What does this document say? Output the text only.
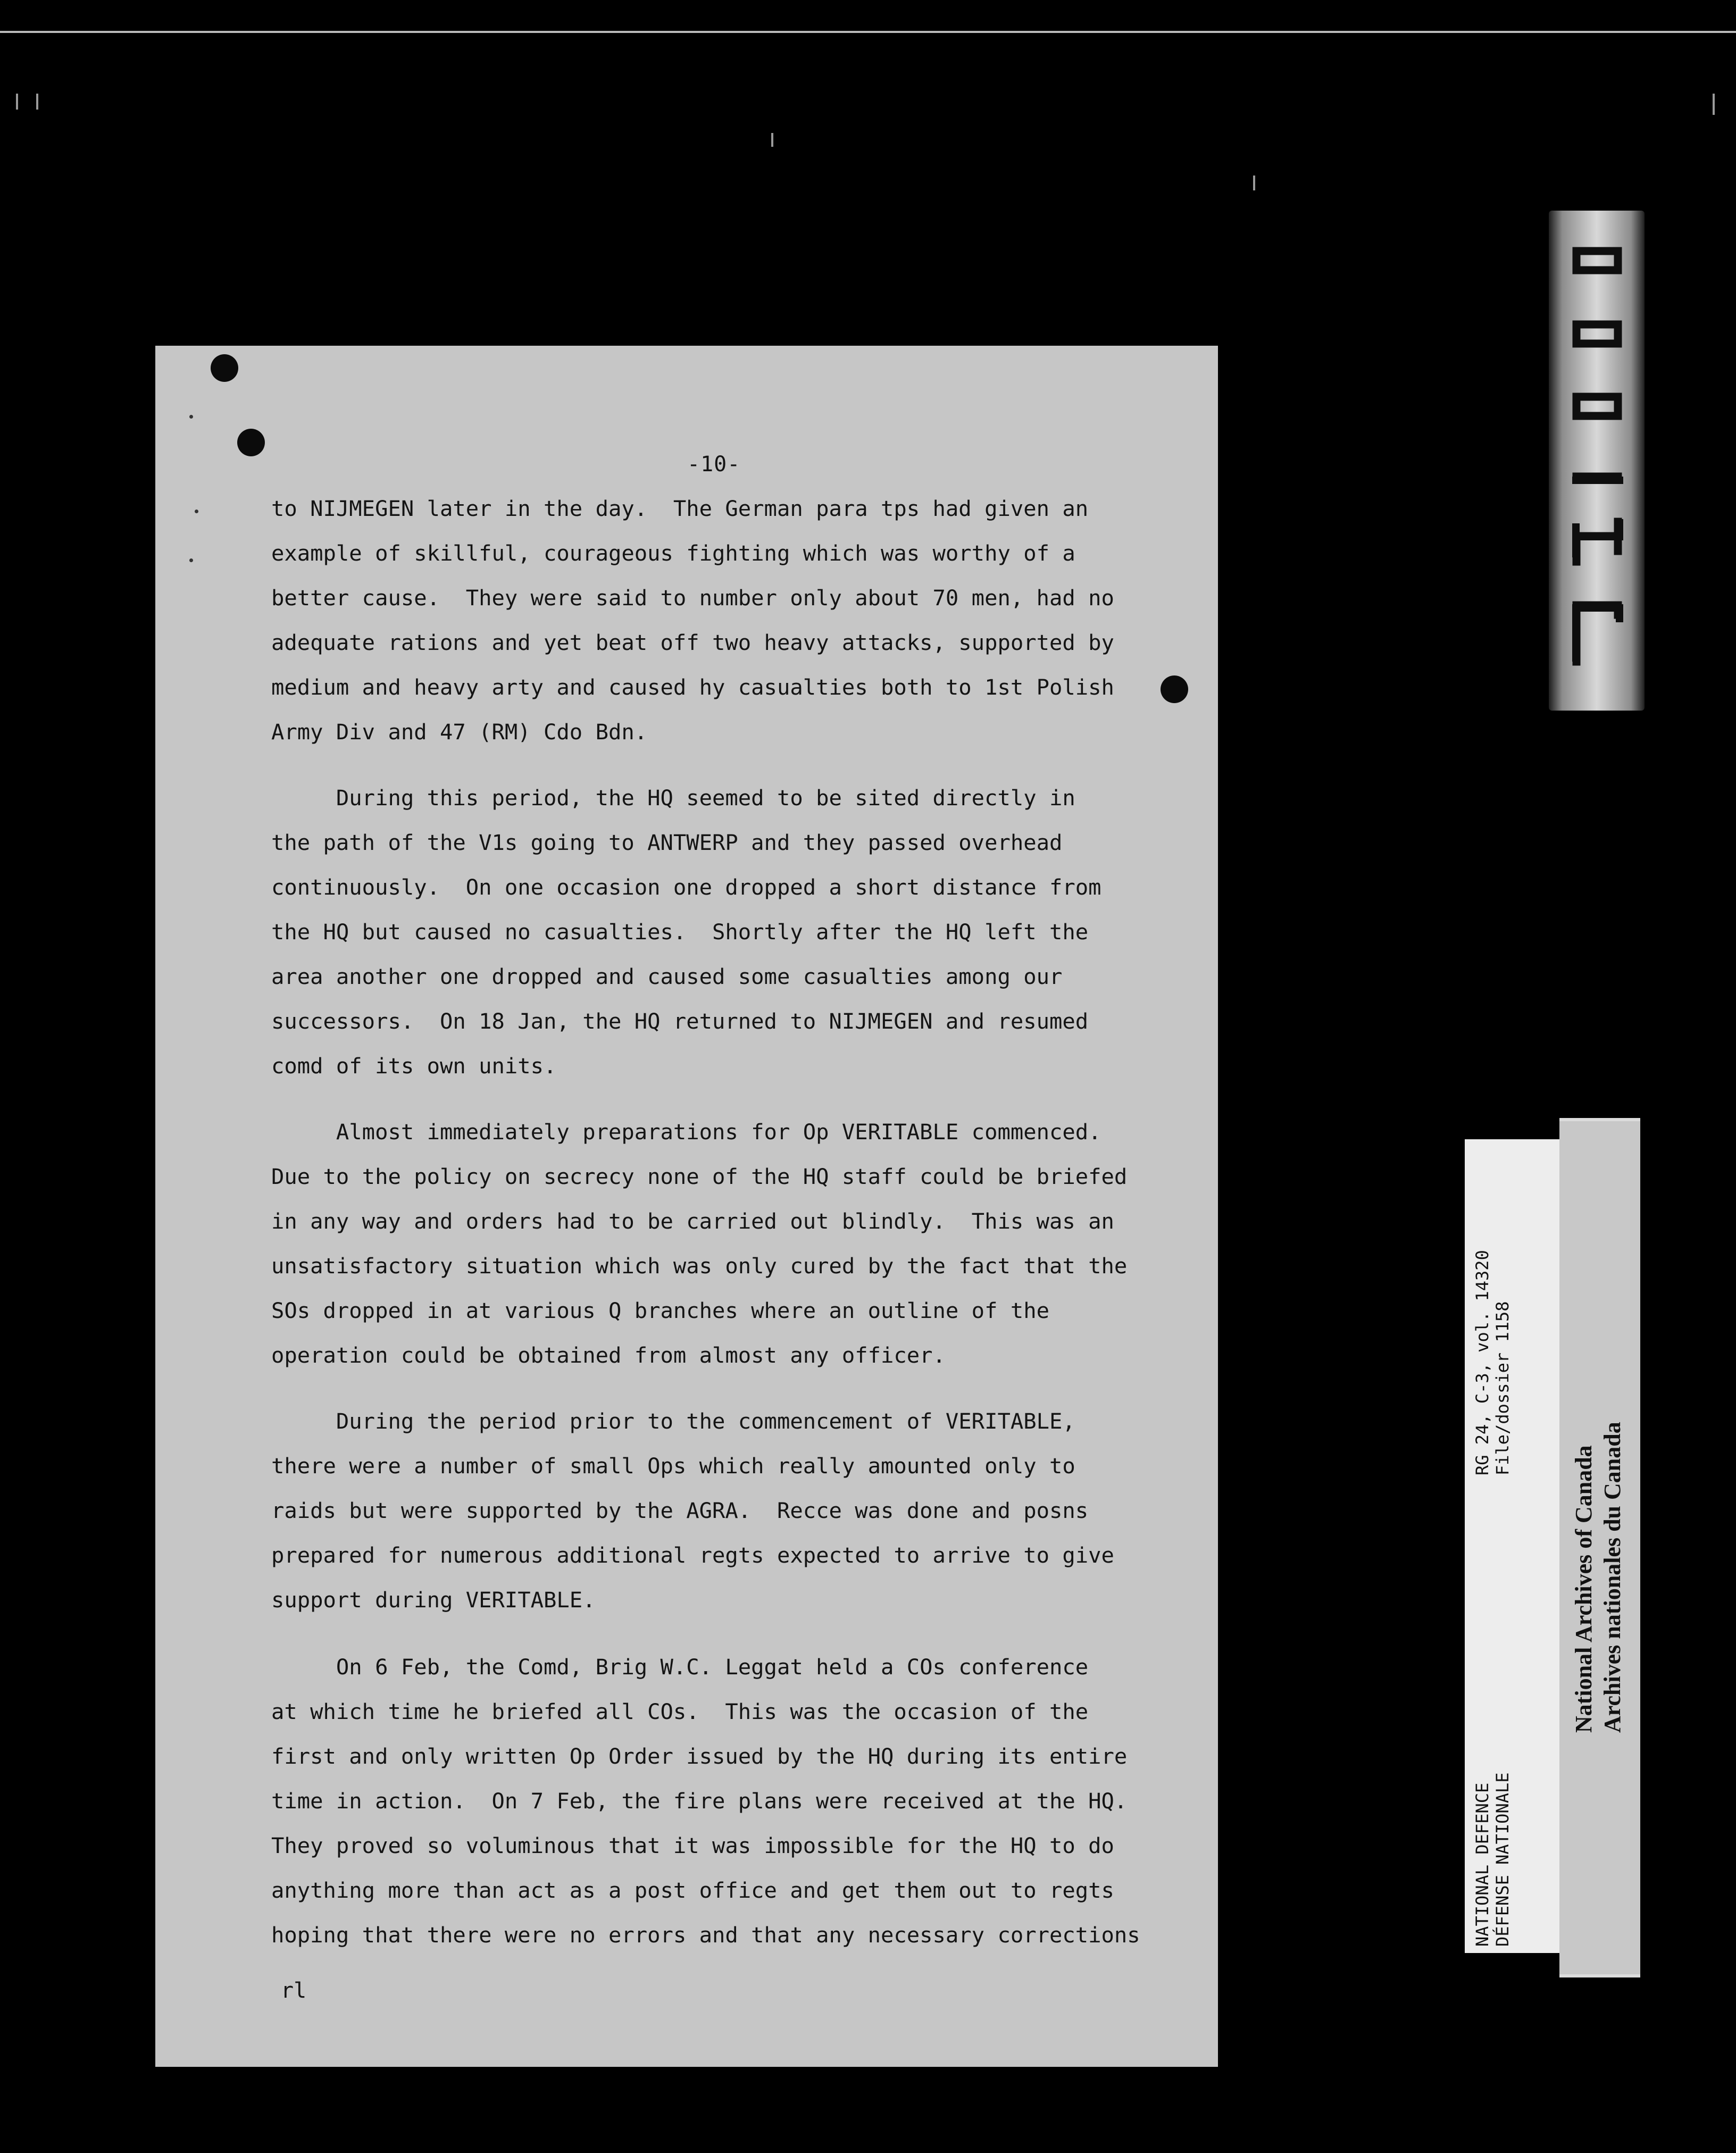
-10-
to NIJMEGEN later in the day.  The German para tps had given an
example of skillful, courageous fighting which was worthy of a
better cause.  They were said to number only about 70 men, had no
adequate rations and yet beat off two heavy attacks, supported by
medium and heavy arty and caused hy casualties both to 1st Polish
Army Div and 47 (RM) Cdo Bdn.
During this period, the HQ seemed to be sited directly in
the path of the V1s going to ANTWERP and they passed overhead
continuously.  On one occasion one dropped a short distance from
the HQ but caused no casualties.  Shortly after the HQ left the
area another one dropped and caused some casualties among our
successors.  On 18 Jan, the HQ returned to NIJMEGEN and resumed
comd of its own units.
Almost immediately preparations for Op VERITABLE commenced.
Due to the policy on secrecy none of the HQ staff could be briefed
in any way and orders had to be carried out blindly.  This was an
unsatisfactory situation which was only cured by the fact that the
SOs dropped in at various Q branches where an outline of the
operation could be obtained from almost any officer.
During the period prior to the commencement of VERITABLE,
there were a number of small Ops which really amounted only to
raids but were supported by the AGRA.  Recce was done and posns
prepared for numerous additional regts expected to arrive to give
support during VERITABLE.
On 6 Feb, the Comd, Brig W.C. Leggat held a COs conference
at which time he briefed all COs.  This was the occasion of the
first and only written Op Order issued by the HQ during its entire
time in action.  On 7 Feb, the fire plans were received at the HQ.
They proved so voluminous that it was impossible for the HQ to do
anything more than act as a post office and get them out to regts
hoping that there were no errors and that any necessary corrections
rl
NATIONAL DEFENCE DÉFENSE NATIONALE
RG 24, C-3, vol. 14320 File/dossier 1158
National Archives of Canada Archives nationales du Canada
